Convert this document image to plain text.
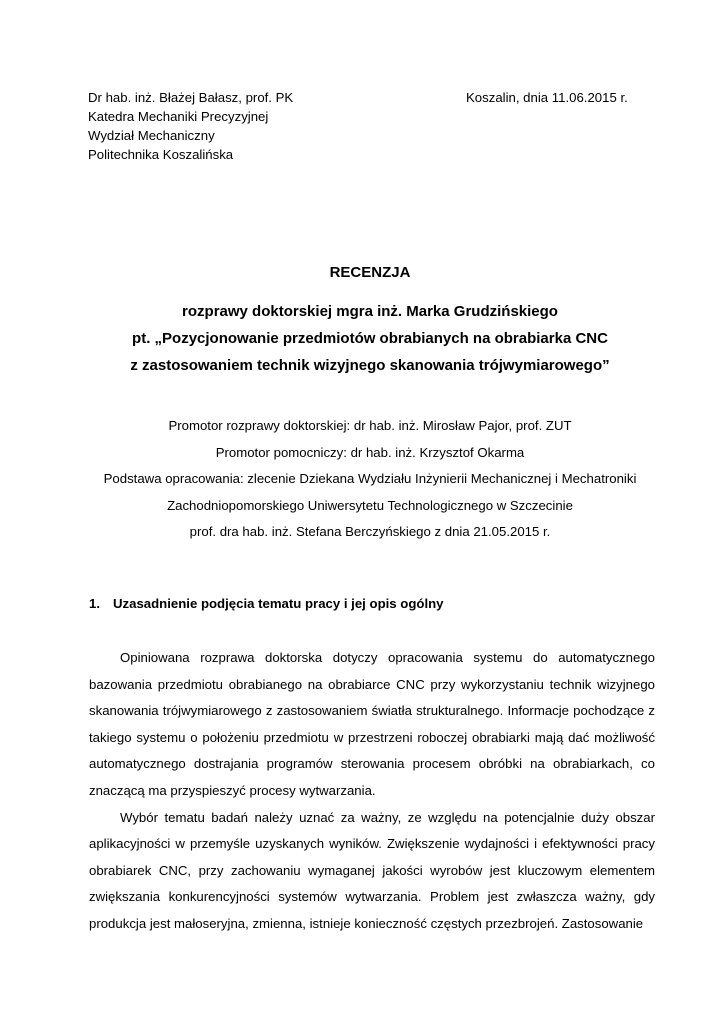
Dr hab. inż. Błażej Bałasz, prof. PK
Katedra Mechaniki Precyzyjnej
Wydział Mechaniczny
Politechnika Koszalińska
Koszalin, dnia 11.06.2015 r.
RECENZJA
rozprawy doktorskiej mgra inż. Marka Grudzińskiego
pt. „Pozycjonowanie przedmiotów obrabianych na obrabiarka CNC
z zastosowaniem technik wizyjnego skanowania trójwymiarowego”
Promotor rozprawy doktorskiej: dr hab. inż. Mirosław Pajor, prof. ZUT
Promotor pomocniczy: dr hab. inż. Krzysztof Okarma
Podstawa opracowania: zlecenie Dziekana Wydziału Inżynierii Mechanicznej i Mechatroniki
Zachodniopomorskiego Uniwersytetu Technologicznego w Szczecinie
prof. dra hab. inż. Stefana Berczyńskiego z dnia 21.05.2015 r.
1. Uzasadnienie podjęcia tematu pracy i jej opis ogólny

Opiniowana rozprawa doktorska dotyczy opracowania systemu do automatycznego bazowania przedmiotu obrabianego na obrabiarce CNC przy wykorzystaniu technik wizyjnego skanowania trójwymiarowego z zastosowaniem światła strukturalnego. Informacje pochodzące z takiego systemu o położeniu przedmiotu w przestrzeni roboczej obrabiarki mają dać możliwość automatycznego dostrajania programów sterowania procesem obróbki na obrabiarkach, co znaczącą ma przyspieszyć procesy wytwarzania.

Wybór tematu badań należy uznać za ważny, ze względu na potencjalnie duży obszar aplikacyjności w przemyśle uzyskanych wyników. Zwiększenie wydajności i efektywności pracy obrabiarek CNC, przy zachowaniu wymaganej jakości wyrobów jest kluczowym elementem zwiększania konkurencyjności systemów wytwarzania. Problem jest zwłaszcza ważny, gdy produkcja jest małoseryjna, zmienna, istnieje konieczność częstych przezbrojeń. Zastosowanie
